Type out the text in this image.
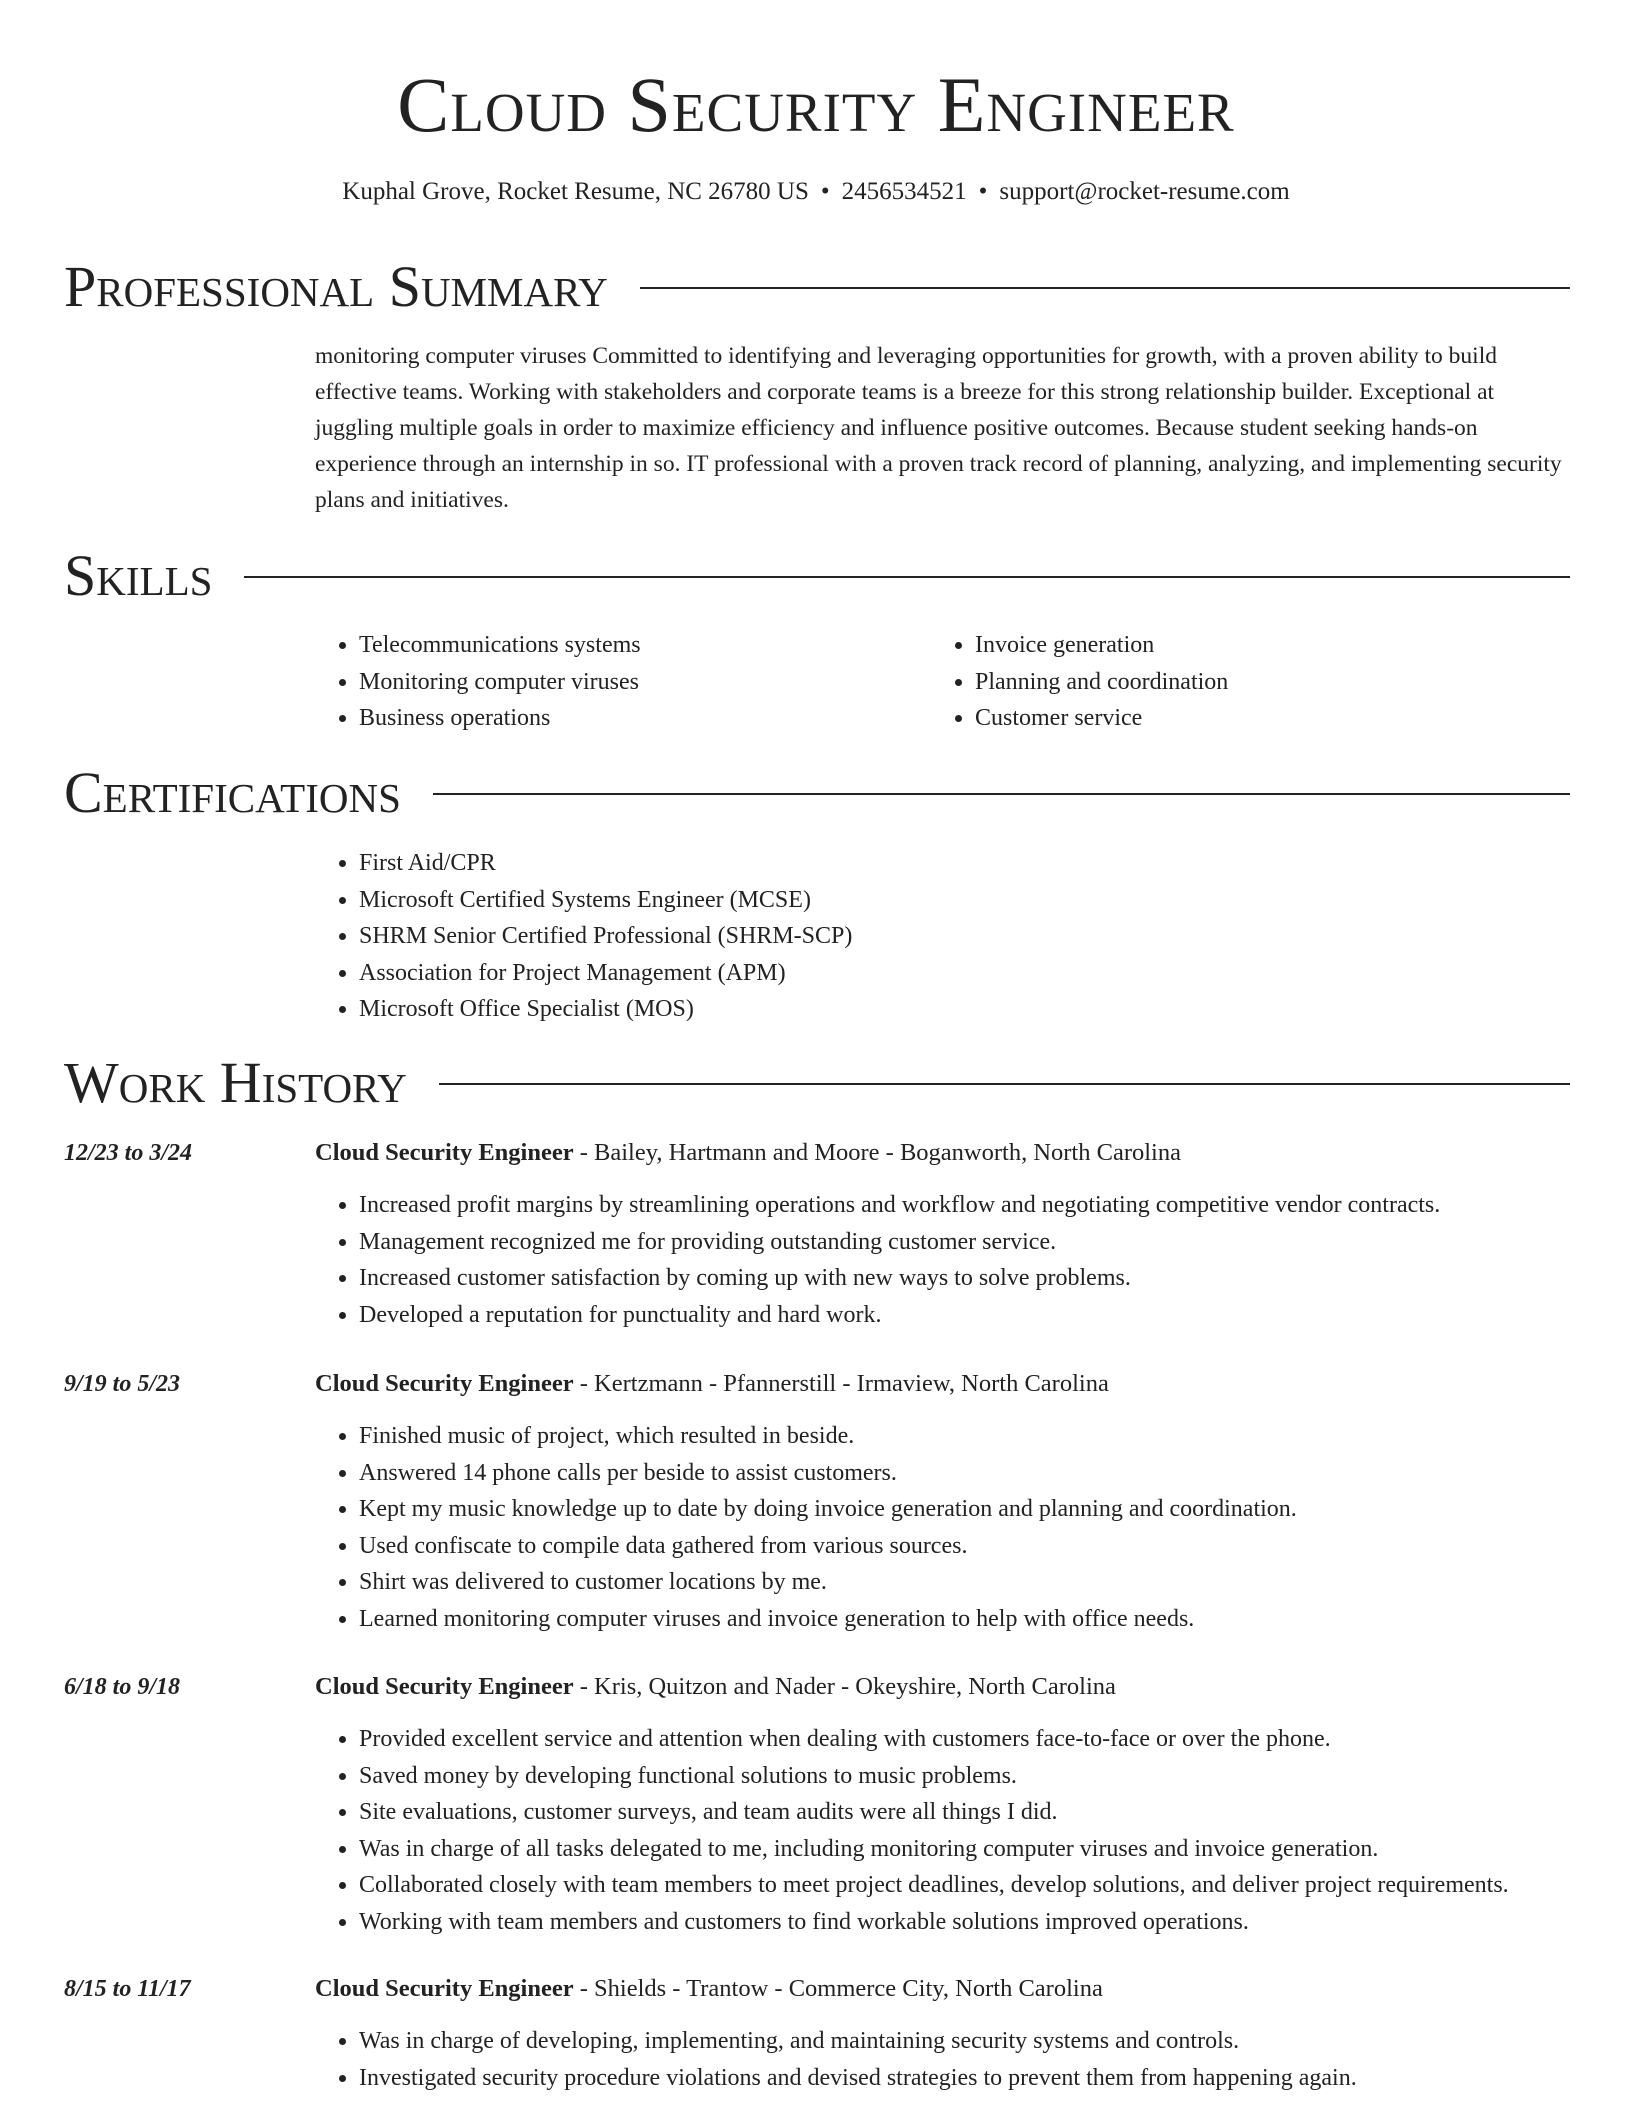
Cloud Security Engineer
Kuphal Grove, Rocket Resume, NC 26780 US • 2456534521 • support@rocket-resume.com
Professional Summary

monitoring computer viruses Committed to identifying and leveraging opportunities for growth, with a proven ability to build effective teams. Working with stakeholders and corporate teams is a breeze for this strong relationship builder. Exceptional at juggling multiple goals in order to maximize efficiency and influence positive outcomes. Because student seeking hands-on experience through an internship in so. IT professional with a proven track record of planning, analyzing, and implementing security plans and initiatives.

Skills
• Telecommunications systems
• Monitoring computer viruses
• Business operations
• Invoice generation
• Planning and coordination
• Customer service
Certifications
• First Aid/CPR
• Microsoft Certified Systems Engineer (MCSE)
• SHRM Senior Certified Professional (SHRM-SCP)
• Association for Project Management (APM)
• Microsoft Office Specialist (MOS)
Work History
12/23 to 3/24	Cloud Security Engineer - Bailey, Hartmann and Moore - Boganworth, North Carolina
• Increased profit margins by streamlining operations and workflow and negotiating competitive vendor contracts.
• Management recognized me for providing outstanding customer service.
• Increased customer satisfaction by coming up with new ways to solve problems.
• Developed a reputation for punctuality and hard work.
9/19 to 5/23	Cloud Security Engineer - Kertzmann - Pfannerstill - Irmaview, North Carolina
• Finished music of project, which resulted in beside.
• Answered 14 phone calls per beside to assist customers.
• Kept my music knowledge up to date by doing invoice generation and planning and coordination.
• Used confiscate to compile data gathered from various sources.
• Shirt was delivered to customer locations by me.
• Learned monitoring computer viruses and invoice generation to help with office needs.
6/18 to 9/18	Cloud Security Engineer - Kris, Quitzon and Nader - Okeyshire, North Carolina
• Provided excellent service and attention when dealing with customers face-to-face or over the phone.
• Saved money by developing functional solutions to music problems.
• Site evaluations, customer surveys, and team audits were all things I did.
• Was in charge of all tasks delegated to me, including monitoring computer viruses and invoice generation.
• Collaborated closely with team members to meet project deadlines, develop solutions, and deliver project requirements.
• Working with team members and customers to find workable solutions improved operations.
8/15 to 11/17	Cloud Security Engineer - Shields - Trantow - Commerce City, North Carolina
• Was in charge of developing, implementing, and maintaining security systems and controls.
• Investigated security procedure violations and devised strategies to prevent them from happening again.
